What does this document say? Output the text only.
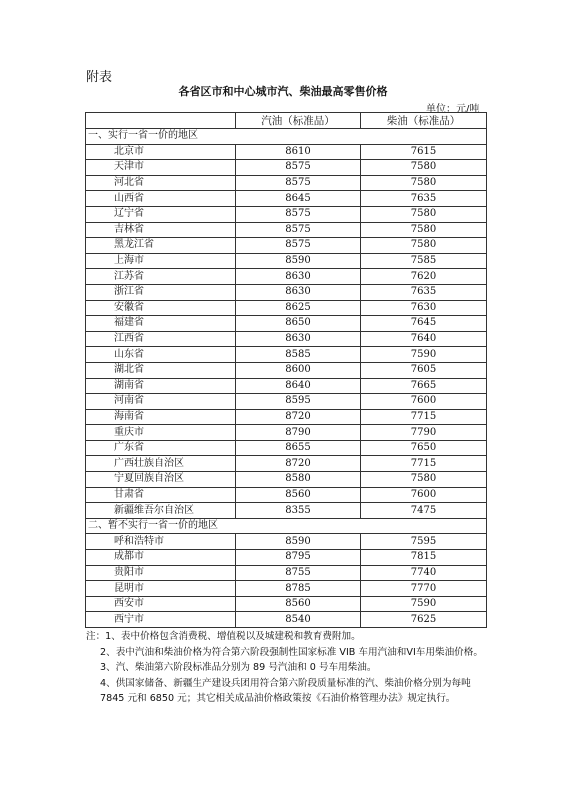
附表
各省区市和中心城市汽、柴油最高零售价格
单位：元/吨
	汽油（标准品）	柴油（标准品）
一、实行一省一价的地区		
北京市	8610	7615
天津市	8575	7580
河北省	8575	7580
山西省	8645	7635
辽宁省	8575	7580
吉林省	8575	7580
黑龙江省	8575	7580
上海市	8590	7585
江苏省	8630	7620
浙江省	8630	7635
安徽省	8625	7630
福建省	8650	7645
江西省	8630	7640
山东省	8585	7590
湖北省	8600	7605
湖南省	8640	7665
河南省	8595	7600
海南省	8720	7715
重庆市	8790	7790
广东省	8655	7650
广西壮族自治区	8720	7715
宁夏回族自治区	8580	7580
甘肃省	8560	7600
新疆维吾尔自治区	8355	7475
二、暂不实行一省一价的地区		
呼和浩特市	8590	7595
成都市	8795	7815
贵阳市	8755	7740
昆明市	8785	7770
西安市	8560	7590
西宁市	8540	7625

注：1、表中价格包含消费税、增值税以及城建税和教育费附加。

2、表中汽油和柴油价格为符合第六阶段强制性国家标准 VIB 车用汽油和VI车用柴油价格。

3、汽、柴油第六阶段标准品分别为 89 号汽油和 0 号车用柴油。

4、供国家储备、新疆生产建设兵团用符合第六阶段质量标准的汽、柴油价格分别为每吨 7845 元和 6850 元；其它相关成品油价格政策按《石油价格管理办法》规定执行。
